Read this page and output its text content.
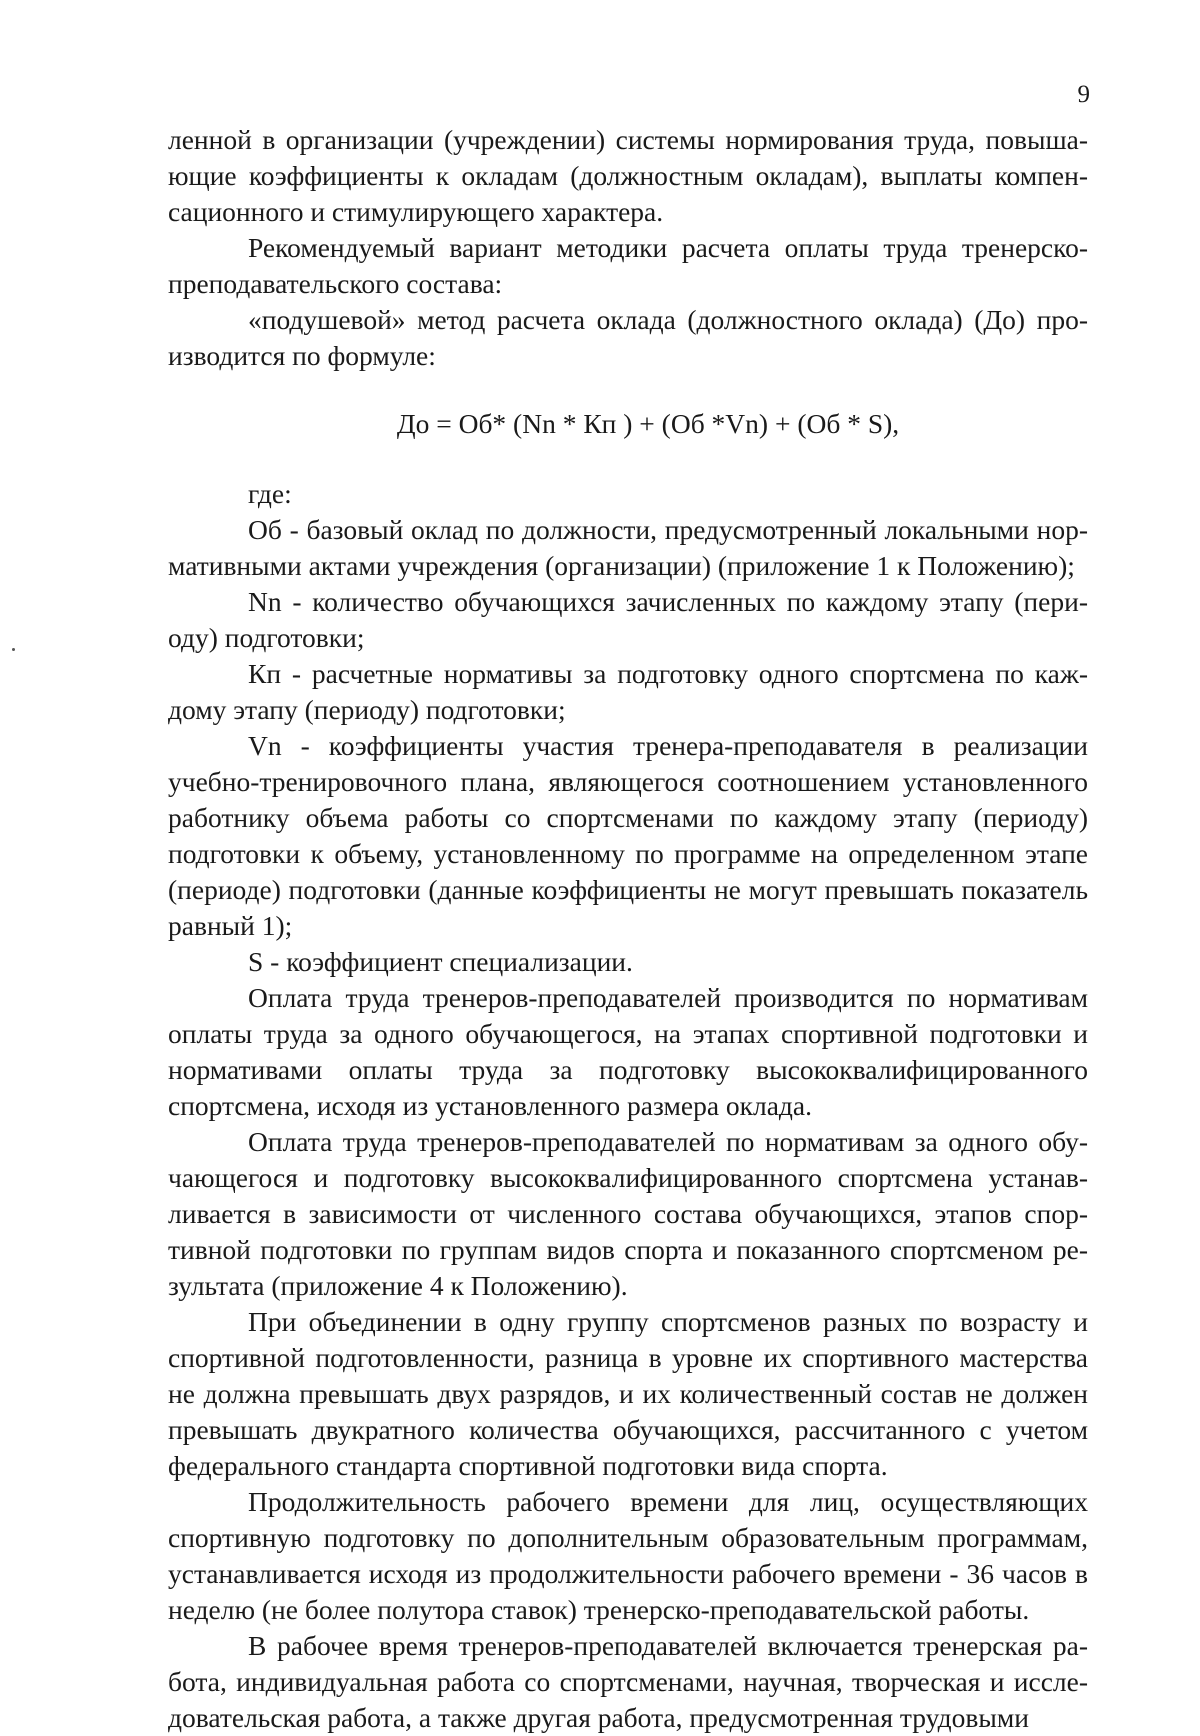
9

ленной в организации (учреждении) системы нормирования труда, повышающие коэффициенты к окладам (должностным окладам), выплаты компенсационного и стимулирующего характера.

Рекомендуемый вариант методики расчета оплаты труда тренерско-преподавательского состава:

«подушевой» метод расчета оклада (должностного оклада) (До) производится по формуле:

До = Об* (Nn * Кп ) + (Об *Vn) + (Об * S),

где:

Об - базовый оклад по должности, предусмотренный локальными нормативными актами учреждения (организации) (приложение 1 к Положению);

Nn - количество обучающихся зачисленных по каждому этапу (периоду) подготовки;

Кп - расчетные нормативы за подготовку одного спортсмена по каждому этапу (периоду) подготовки;

Vn - коэффициенты участия тренера-преподавателя в реализации учебно-тренировочного плана, являющегося соотношением установленного работнику объема работы со спортсменами по каждому этапу (периоду) подготовки к объему, установленному по программе на определенном этапе (периоде) подготовки (данные коэффициенты не могут превышать показатель равный 1);

S - коэффициент специализации.

Оплата труда тренеров-преподавателей производится по нормативам оплаты труда за одного обучающегося, на этапах спортивной подготовки и нормативами оплаты труда за подготовку высококвалифицированного спортсмена, исходя из установленного размера оклада.

Оплата труда тренеров-преподавателей по нормативам за одного обучающегося и подготовку высококвалифицированного спортсмена устанавливается в зависимости от численного состава обучающихся, этапов спортивной подготовки по группам видов спорта и показанного спортсменом результата (приложение 4 к Положению).

При объединении в одну группу спортсменов разных по возрасту и спортивной подготовленности, разница в уровне их спортивного мастерства не должна превышать двух разрядов, и их количественный состав не должен превышать двукратного количества обучающихся, рассчитанного с учетом федерального стандарта спортивной подготовки вида спорта.

Продолжительность рабочего времени для лиц, осуществляющих спортивную подготовку по дополнительным образовательным программам, устанавливается исходя из продолжительности рабочего времени - 36 часов в неделю (не более полутора ставок) тренерско-преподавательской работы.

В рабочее время тренеров-преподавателей включается тренерская работа, индивидуальная работа со спортсменами, научная, творческая и исследовательская работа, а также другая работа, предусмотренная трудовыми
